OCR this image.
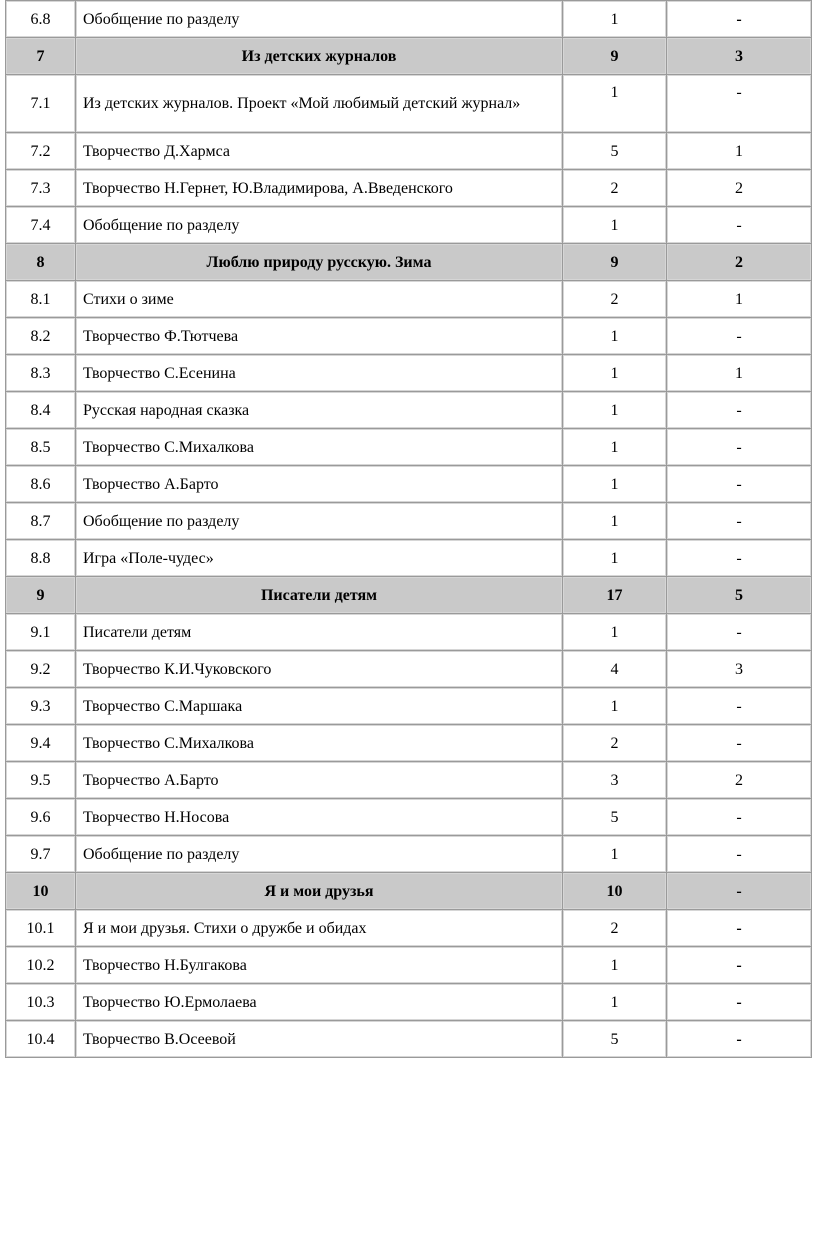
6.8	Обобщение по разделу	1	-
7	Из детских журналов	9	3
7.1	Из детских журналов. Проект «Мой любимый детский журнал»	1	-
7.2	Творчество Д.Хармса	5	1
7.3	Творчество Н.Гернет, Ю.Владимирова, А.Введенского	2	2
7.4	Обобщение по разделу	1	-
8	Люблю природу русскую. Зима	9	2
8.1	Стихи о зиме	2	1
8.2	Творчество Ф.Тютчева	1	-
8.3	Творчество С.Есенина	1	1
8.4	Русская народная сказка	1	-
8.5	Творчество С.Михалкова	1	-
8.6	Творчество А.Барто	1	-
8.7	Обобщение по разделу	1	-
8.8	Игра «Поле-чудес»	1	-
9	Писатели детям	17	5
9.1	Писатели детям	1	-
9.2	Творчество К.И.Чуковского	4	3
9.3	Творчество С.Маршака	1	-
9.4	Творчество С.Михалкова	2	-
9.5	Творчество А.Барто	3	2
9.6	Творчество Н.Носова	5	-
9.7	Обобщение по разделу	1	-
10	Я и мои друзья	10	-
10.1	Я и мои друзья. Стихи о дружбе и обидах	2	-
10.2	Творчество Н.Булгакова	1	-
10.3	Творчество Ю.Ермолаева	1	-
10.4	Творчество В.Осеевой	5	-
